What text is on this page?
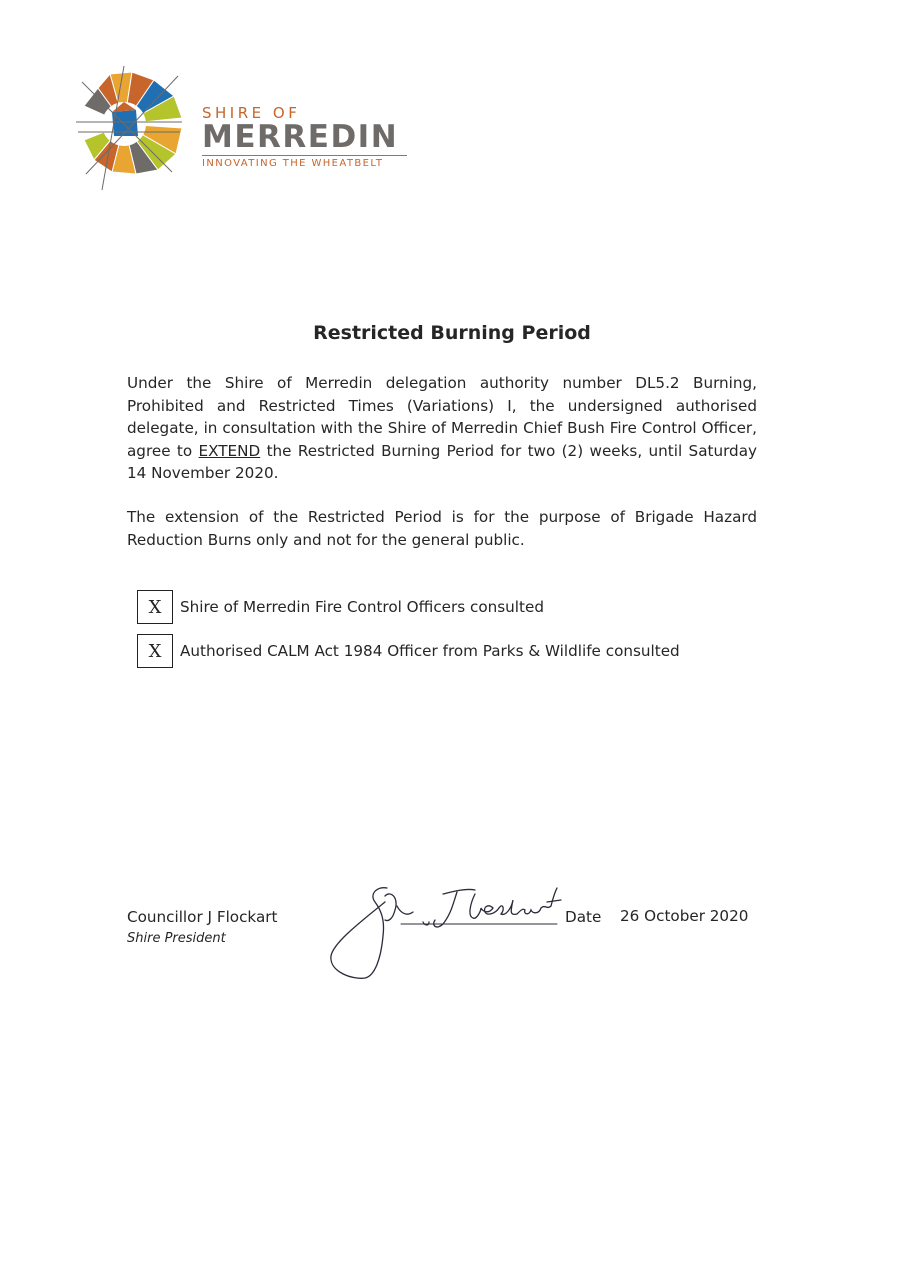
SHIRE OF
MERREDIN
INNOVATING THE WHEATBELT
Restricted Burning Period
Under the Shire of Merredin delegation authority number DL5.2 Burning, Prohibited and Restricted Times (Variations) I, the undersigned authorised delegate, in consultation with the Shire of Merredin Chief Bush Fire Control Officer, agree to EXTEND the Restricted Burning Period for two (2) weeks, until Saturday 14 November 2020.
The extension of the Restricted Period is for the purpose of Brigade Hazard Reduction Burns only and not for the general public.
X	Shire of Merredin Fire Control Officers consulted
X	Authorised CALM Act 1984 Officer from Parks & Wildlife consulted
Councillor J Flockart
Shire President
Date 26 October 2020
